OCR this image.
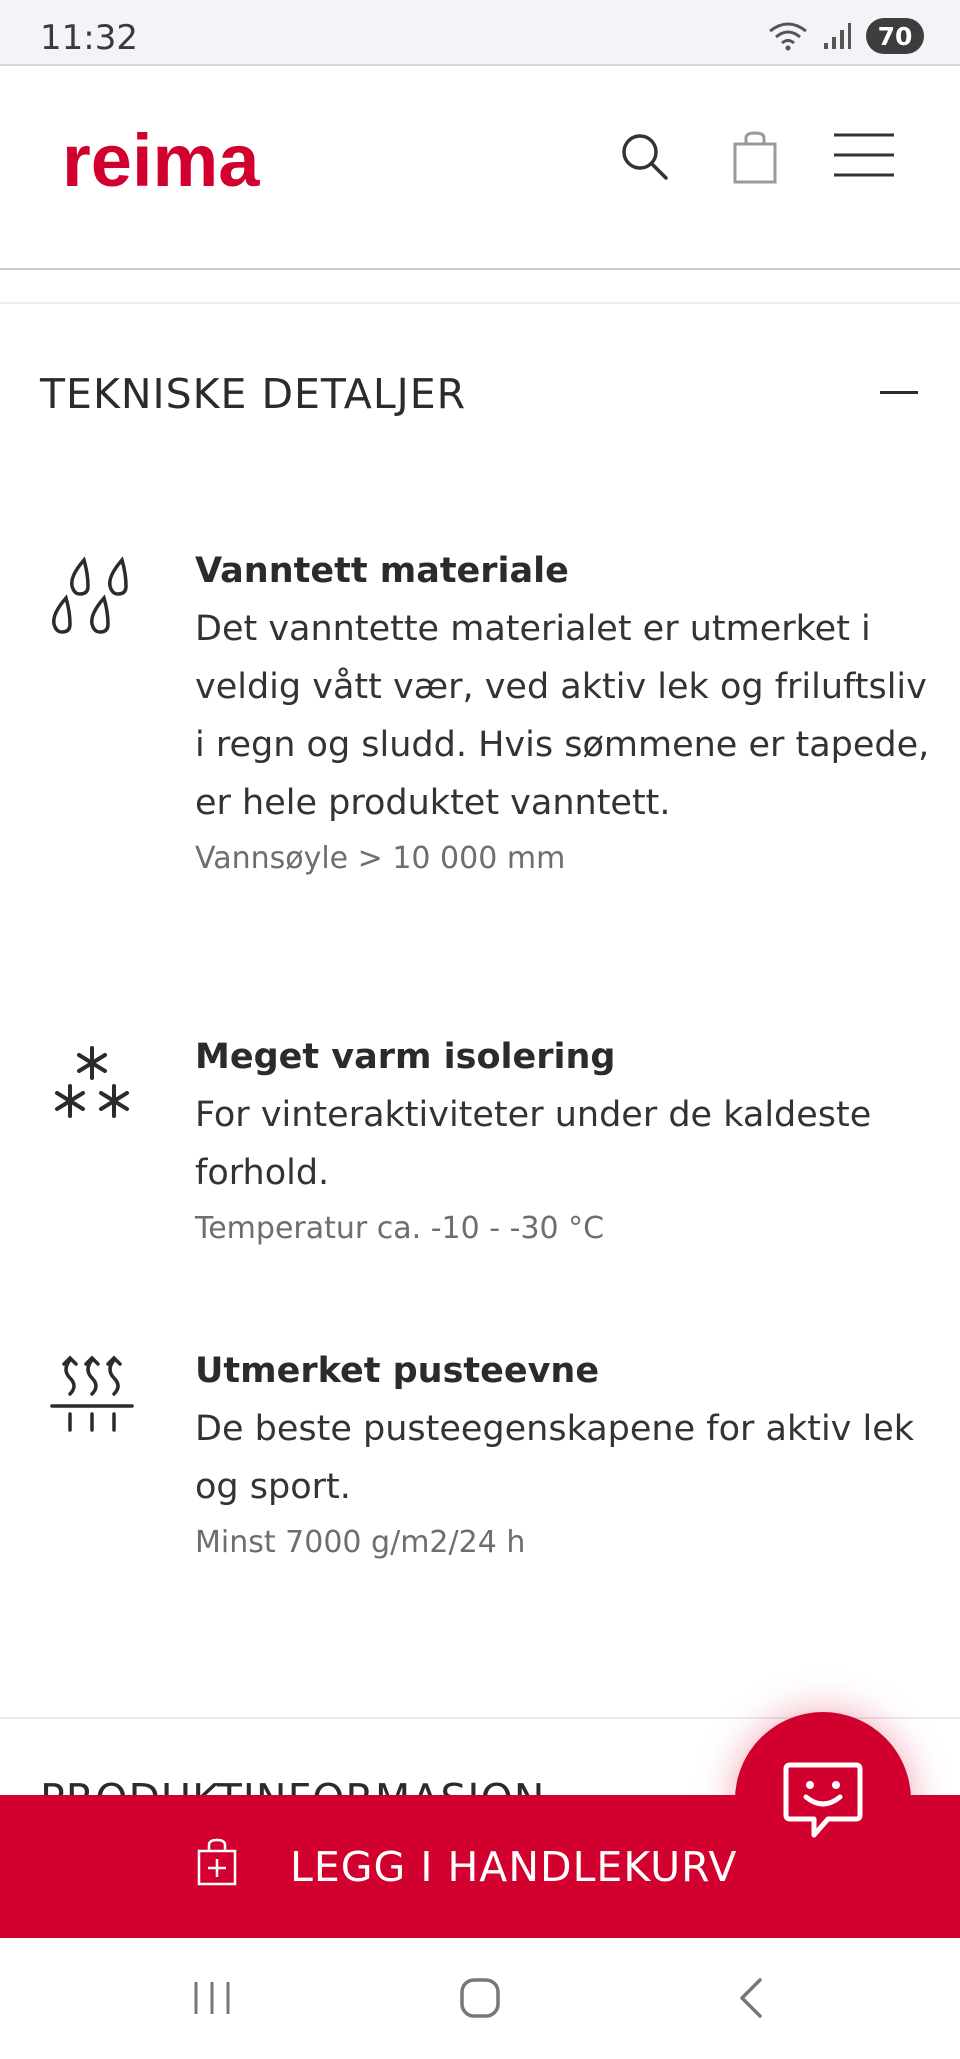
11:32	70
reima
TEKNISKE DETALJER
Vanntett materiale
Det vanntette materialet er utmerket i veldig vått vær, ved aktiv lek og friluftsliv i regn og sludd. Hvis sømmene er tapede, er hele produktet vanntett.
Vannsøyle > 10 000 mm
Meget varm isolering
For vinteraktiviteter under de kaldeste forhold.
Temperatur ca. -10 - -30 °C
Utmerket pusteevne
De beste pusteegenskapene for aktiv lek og sport.
Minst 7000 g/m2/24 h
LEGG I HANDLEKURV
